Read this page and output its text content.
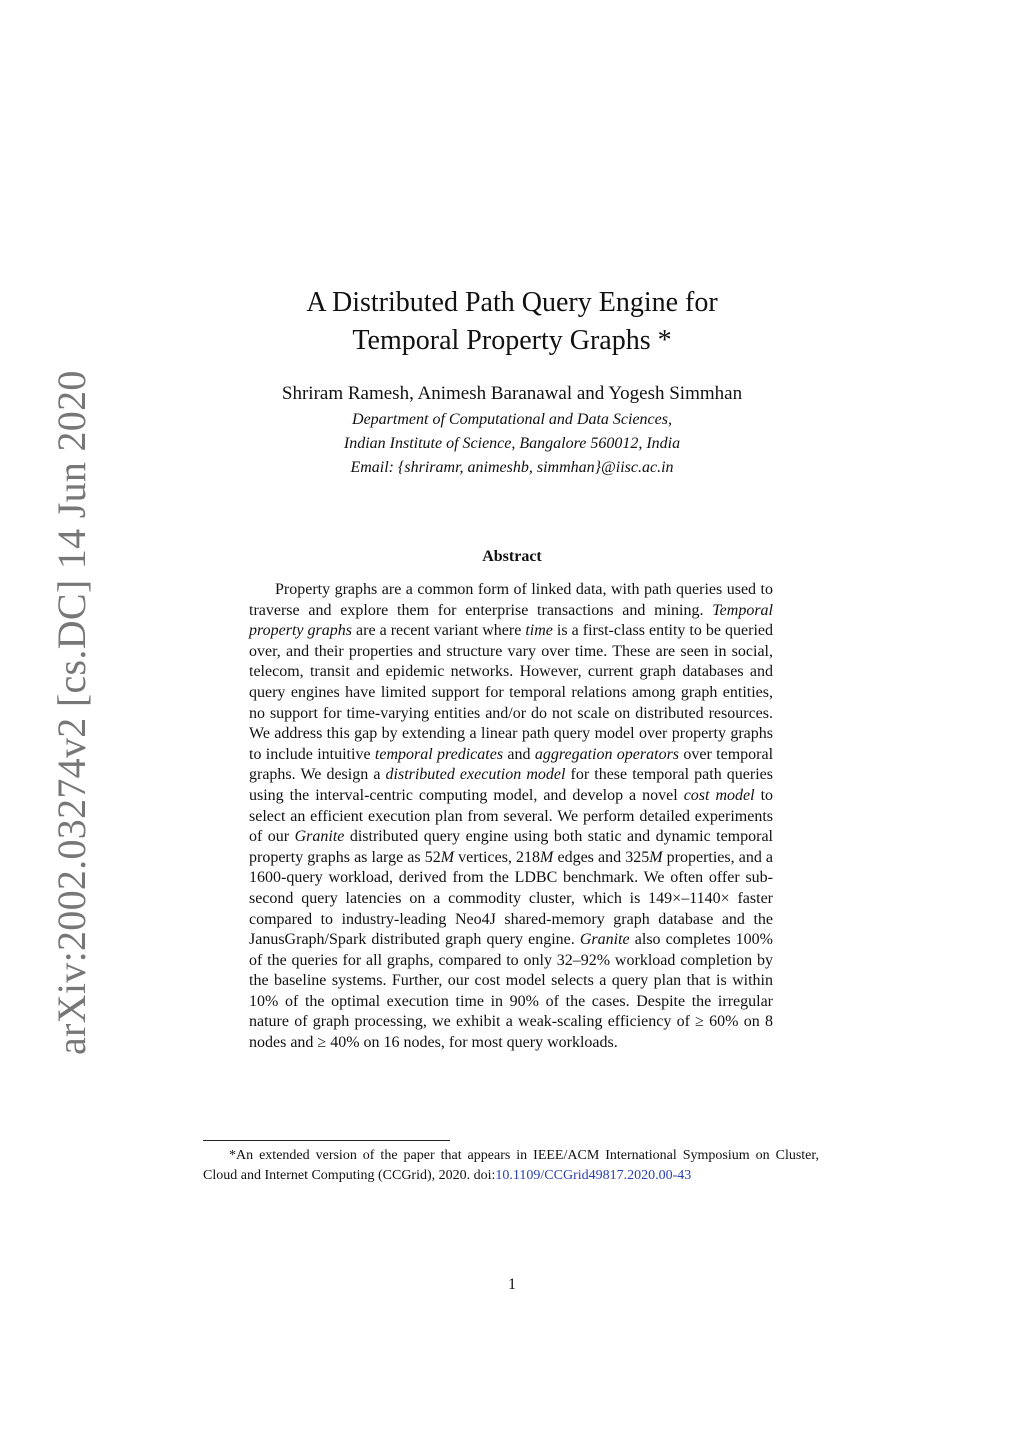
arXiv:2002.03274v2 [cs.DC] 14 Jun 2020
A Distributed Path Query Engine for
Temporal Property Graphs *
Shriram Ramesh, Animesh Baranawal and Yogesh Simmhan
Department of Computational and Data Sciences,
Indian Institute of Science, Bangalore 560012, India
Email: {shriramr, animeshb, simmhan}@iisc.ac.in
Abstract

Property graphs are a common form of linked data, with path queries used to traverse and explore them for enterprise transactions and mining. Temporal property graphs are a recent variant where time is a first-class entity to be queried over, and their properties and structure vary over time. These are seen in social, telecom, transit and epidemic networks. However, current graph databases and query engines have limited support for temporal relations among graph entities, no support for time-varying entities and/or do not scale on distributed resources. We address this gap by extending a linear path query model over property graphs to include intuitive temporal predicates and aggregation operators over temporal graphs. We design a distributed execution model for these temporal path queries using the interval-centric computing model, and develop a novel cost model to select an efficient execution plan from several. We perform detailed experiments of our Granite distributed query engine using both static and dynamic temporal property graphs as large as 52M vertices, 218M edges and 325M properties, and a 1600-query workload, derived from the LDBC benchmark. We often offer sub-second query latencies on a commodity cluster, which is 149×–1140× faster compared to industry-leading Neo4J shared-memory graph database and the JanusGraph/Spark distributed graph query engine. Granite also completes 100% of the queries for all graphs, compared to only 32–92% workload completion by the baseline systems. Further, our cost model selects a query plan that is within 10% of the optimal execution time in 90% of the cases. Despite the irregular nature of graph processing, we exhibit a weak-scaling efficiency of ≥ 60% on 8 nodes and ≥ 40% on 16 nodes, for most query workloads.

*An extended version of the paper that appears in IEEE/ACM International Symposium on Cluster, Cloud and Internet Computing (CCGrid), 2020. doi:10.1109/CCGrid49817.2020.00-43
1
